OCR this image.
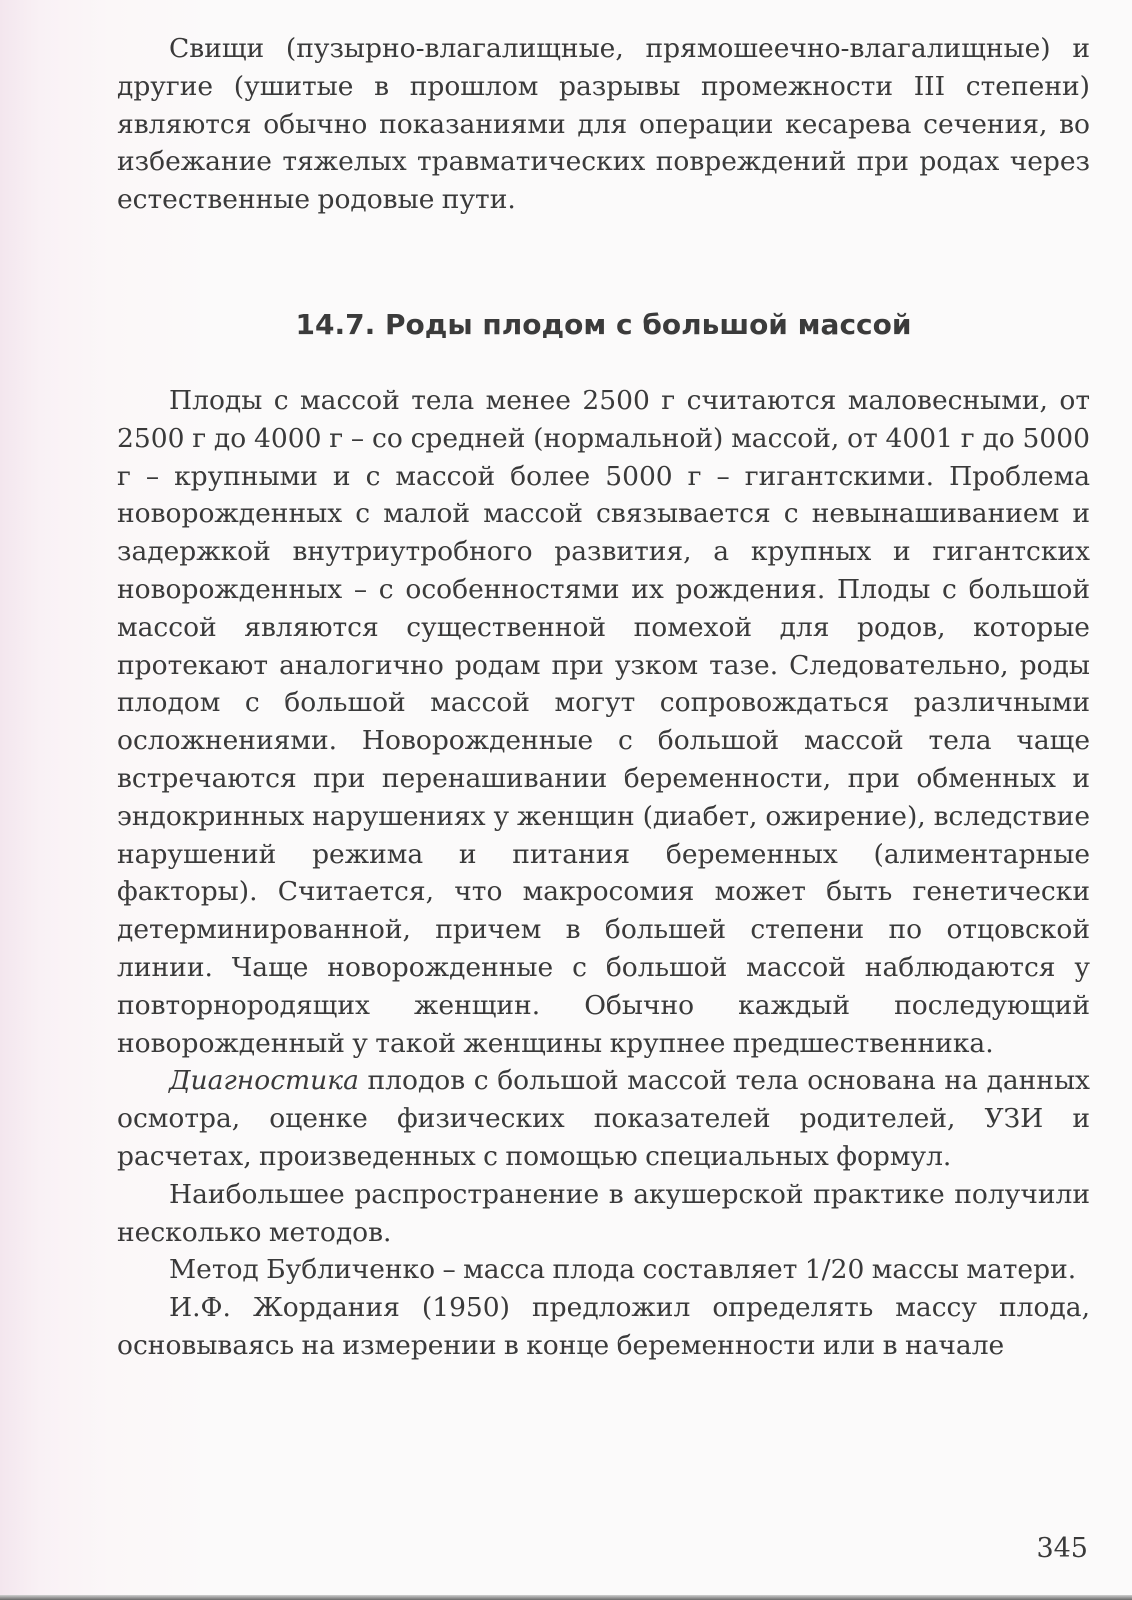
Свищи (пузырно-влагалищные, прямошеечно-влагалищные) и другие (ушитые в прошлом разрывы промежности III степени) являются обычно показаниями для операции кесарева сечения, во избежание тяжелых травматических повреждений при родах через естественные родовые пути.

14.7. Роды плодом с большой массой

Плоды с массой тела менее 2500 г считаются маловесными, от 2500 г до 4000 г – со средней (нормальной) массой, от 4001 г до 5000 г – крупными и с массой более 5000 г – гигантскими. Проблема новорожденных с малой массой связывается с невынашиванием и задержкой внутриутробного развития, а крупных и гигантских новорожденных – с особенностями их рождения. Плоды с большой массой являются существенной помехой для родов, которые протекают аналогично родам при узком тазе. Следовательно, роды плодом с большой массой могут сопровождаться различными осложнениями. Новорожденные с большой массой тела чаще встречаются при перенашивании беременности, при обменных и эндокринных нарушениях у женщин (диабет, ожирение), вследствие нарушений режима и питания беременных (алиментарные факторы). Считается, что макросомия может быть генетически детерминированной, причем в большей степени по отцовской линии. Чаще новорожденные с большой массой наблюдаются у повторнородящих женщин. Обычно каждый последующий новорожденный у такой женщины крупнее предшественника.

Диагностика плодов с большой массой тела основана на данных осмотра, оценке физических показателей родителей, УЗИ и расчетах, произведенных с помощью специальных формул.

Наибольшее распространение в акушерской практике получили несколько методов.

Метод Бубличенко – масса плода составляет 1/20 массы матери.

И.Ф. Жордания (1950) предложил определять массу плода, основываясь на измерении в конце беременности или в начале

345
